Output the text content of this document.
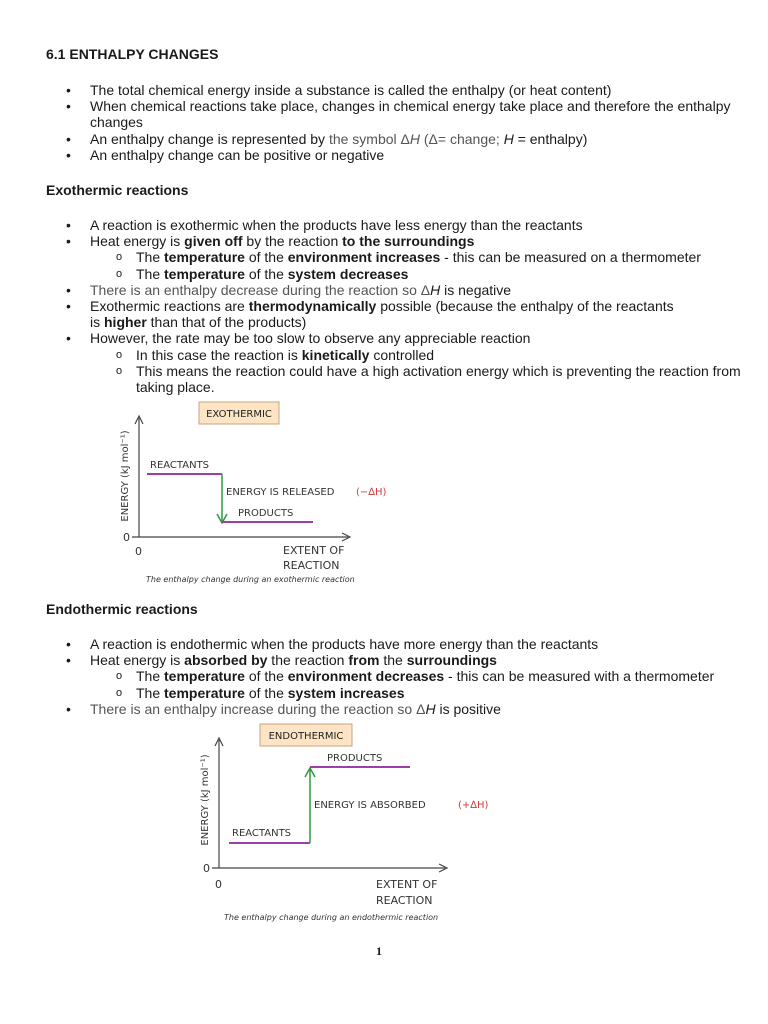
6.1 ENTHALPY CHANGES
• The total chemical energy inside a substance is called the enthalpy (or heat content)
• When chemical reactions take place, changes in chemical energy take place and therefore the enthalpy changes
• An enthalpy change is represented by the symbol ΔH (Δ= change; H = enthalpy)
• An enthalpy change can be positive or negative
Exothermic reactions
• A reaction is exothermic when the products have less energy than the reactants
• Heat energy is given off by the reaction to the surroundings
o The temperature of the environment increases - this can be measured on a thermometer
o The temperature of the system decreases
• There is an enthalpy decrease during the reaction so ΔH is negative
• Exothermic reactions are thermodynamically possible (because the enthalpy of the reactants is higher than that of the products)
• However, the rate may be too slow to observe any appreciable reaction
o In this case the reaction is kinetically controlled
o This means the reaction could have a high activation energy which is preventing the reaction from taking place.
EXOTHERMIC
ENERGY (kJ mol⁻¹)
0
0
REACTANTS
ENERGY IS RELEASED (−∆H)
PRODUCTS
EXTENT OF
REACTION
The enthalpy change during an exothermic reaction
Endothermic reactions
• A reaction is endothermic when the products have more energy than the reactants
• Heat energy is absorbed by the reaction from the surroundings
o The temperature of the environment decreases - this can be measured with a thermometer
o The temperature of the system increases
• There is an enthalpy increase during the reaction so ΔH is positive
ENDOTHERMIC
ENERGY (kJ mol⁻¹)
0
0
REACTANTS
PRODUCTS
ENERGY IS ABSORBED	(+∆H)
EXTENT OF
REACTION
The enthalpy change during an endothermic reaction
1
